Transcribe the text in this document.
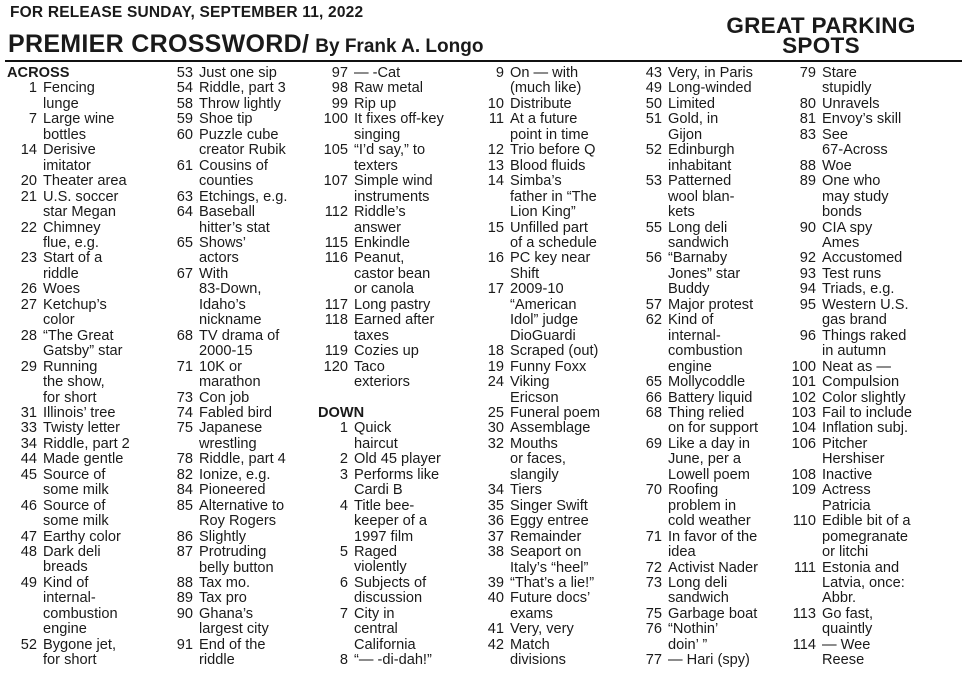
FOR RELEASE SUNDAY, SEPTEMBER 11, 2022
PREMIER CROSSWORD/ By Frank A. Longo
GREAT PARKING
SPOTS
ACROSS
1 Fencing
lunge
7 Large wine
bottles
14 Derisive
imitator
20 Theater area
21 U.S. soccer
star Megan
22 Chimney
flue, e.g.
23 Start of a
riddle
26 Woes
27 Ketchup’s
color
28 “The Great
Gatsby” star
29 Running
the show,
for short
31 Illinois’ tree
33 Twisty letter
34 Riddle, part 2
44 Made gentle
45 Source of
some milk
46 Source of
some milk
47 Earthy color
48 Dark deli
breads
49 Kind of
internal-
combustion
engine
52 Bygone jet,
for short
53 Just one sip
54 Riddle, part 3
58 Throw lightly
59 Shoe tip
60 Puzzle cube
creator Rubik
61 Cousins of
counties
63 Etchings, e.g.
64 Baseball
hitter’s stat
65 Shows’
actors
67 With
83-Down,
Idaho’s
nickname
68 TV drama of
2000-15
71 10K or
marathon
73 Con job
74 Fabled bird
75 Japanese
wrestling
78 Riddle, part 4
82 Ionize, e.g.
84 Pioneered
85 Alternative to
Roy Rogers
86 Slightly
87 Protruding
belly button
88 Tax mo.
89 Tax pro
90 Ghana’s
largest city
91 End of the
riddle
97 — -Cat
98 Raw metal
99 Rip up
100 It fixes off-key
singing
105 “I’d say,” to
texters
107 Simple wind
instruments
112 Riddle’s
answer
115 Enkindle
116 Peanut,
castor bean
or canola
117 Long pastry
118 Earned after
taxes
119 Cozies up
120 Taco
exteriors
DOWN
1 Quick
haircut
2 Old 45 player
3 Performs like
Cardi B
4 Title bee-
keeper of a
1997 film
5 Raged
violently
6 Subjects of
discussion
7 City in
central
California
8 “— -di-dah!”
9 On — with
(much like)
10 Distribute
11 At a future
point in time
12 Trio before Q
13 Blood fluids
14 Simba’s
father in “The
Lion King”
15 Unfilled part
of a schedule
16 PC key near
Shift
17 2009-10
“American
Idol” judge
DioGuardi
18 Scraped (out)
19 Funny Foxx
24 Viking
Ericson
25 Funeral poem
30 Assemblage
32 Mouths
or faces,
slangily
34 Tiers
35 Singer Swift
36 Eggy entree
37 Remainder
38 Seaport on
Italy’s “heel”
39 “That’s a lie!”
40 Future docs’
exams
41 Very, very
42 Match
divisions
43 Very, in Paris
49 Long-winded
50 Limited
51 Gold, in
Gijon
52 Edinburgh
inhabitant
53 Patterned
wool blan-
kets
55 Long deli
sandwich
56 “Barnaby
Jones” star
Buddy
57 Major protest
62 Kind of
internal-
combustion
engine
65 Mollycoddle
66 Battery liquid
68 Thing relied
on for support
69 Like a day in
June, per a
Lowell poem
70 Roofing
problem in
cold weather
71 In favor of the
idea
72 Activist Nader
73 Long deli
sandwich
75 Garbage boat
76 “Nothin’
doin’ ”
77 — Hari (spy)
79 Stare
stupidly
80 Unravels
81 Envoy’s skill
83 See
67-Across
88 Woe
89 One who
may study
bonds
90 CIA spy
Ames
92 Accustomed
93 Test runs
94 Triads, e.g.
95 Western U.S.
gas brand
96 Things raked
in autumn
100 Neat as —
101 Compulsion
102 Color slightly
103 Fail to include
104 Inflation subj.
106 Pitcher
Hershiser
108 Inactive
109 Actress
Patricia
110 Edible bit of a
pomegranate
or litchi
111 Estonia and
Latvia, once:
Abbr.
113 Go fast,
quaintly
114 — Wee
Reese
